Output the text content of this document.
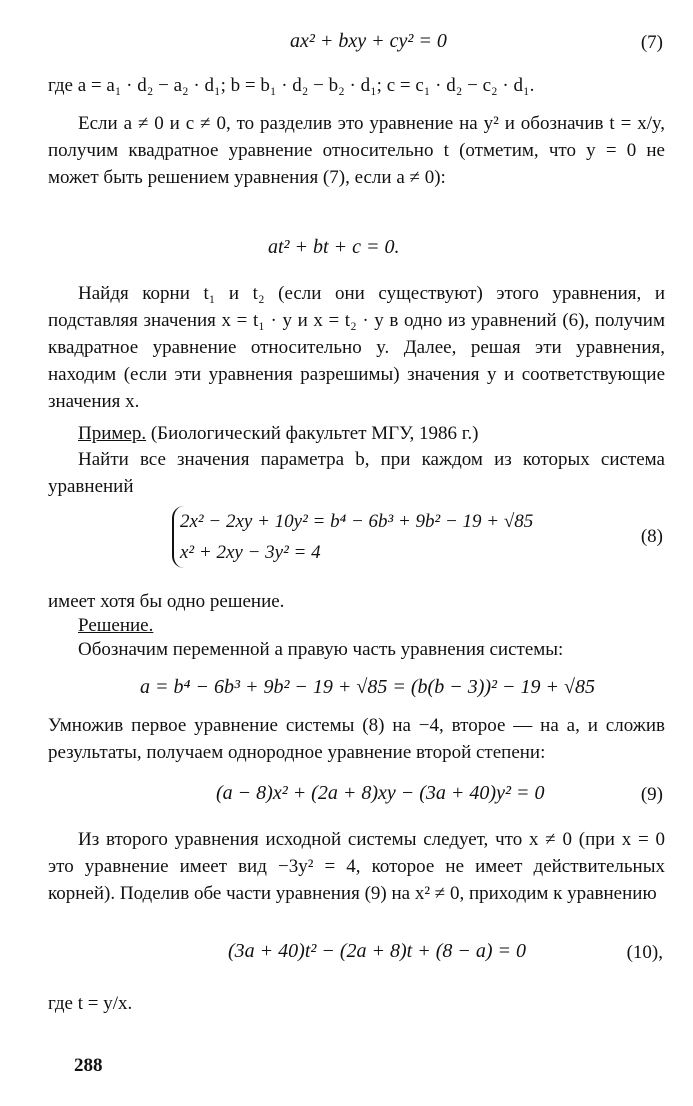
ax² + bxy + cy² = 0	(7)

где a = a₁ · d₂ − a₂ · d₁; b = b₁ · d₂ − b₂ · d₁; c = c₁ · d₂ − c₂ · d₁.

Если a ≠ 0 и c ≠ 0, то разделив это уравнение на y² и обозначив t = x/y, получим квадратное уравнение относительно t (отметим, что y = 0 не может быть решением уравнения (7), если a ≠ 0):

at² + bt + c = 0.

Найдя корни t₁ и t₂ (если они существуют) этого уравнения, и подставляя значения x = t₁ · y и x = t₂ · y в одно из уравнений (6), получим квадратное уравнение относительно y. Далее, решая эти уравнения, находим (если эти уравнения разрешимы) значения y и соответствующие значения x.

Пример. (Биологический факультет МГУ, 1986 г.)

Найти все значения параметра b, при каждом из которых система уравнений

2x² − 2xy + 10y² = b⁴ − 6b³ + 9b² − 19 + √85
x² + 2xy − 3y² = 4
(8)

имеет хотя бы одно решение.

Решение.

Обозначим переменной a правую часть уравнения системы:

a = b⁴ − 6b³ + 9b² − 19 + √85 = (b(b − 3))² − 19 + √85

Умножив первое уравнение системы (8) на −4, второе — на a, и сложив результаты, получаем однородное уравнение второй степени:

(a − 8)x² + (2a + 8)xy − (3a + 40)y² = 0	(9)

Из второго уравнения исходной системы следует, что x ≠ 0 (при x = 0 это уравнение имеет вид −3y² = 4, которое не имеет действительных корней). Поделив обе части уравнения (9) на x² ≠ 0, приходим к уравнению

(3a + 40)t² − (2a + 8)t + (8 − a) = 0	(10),

где t = y/x.

288
